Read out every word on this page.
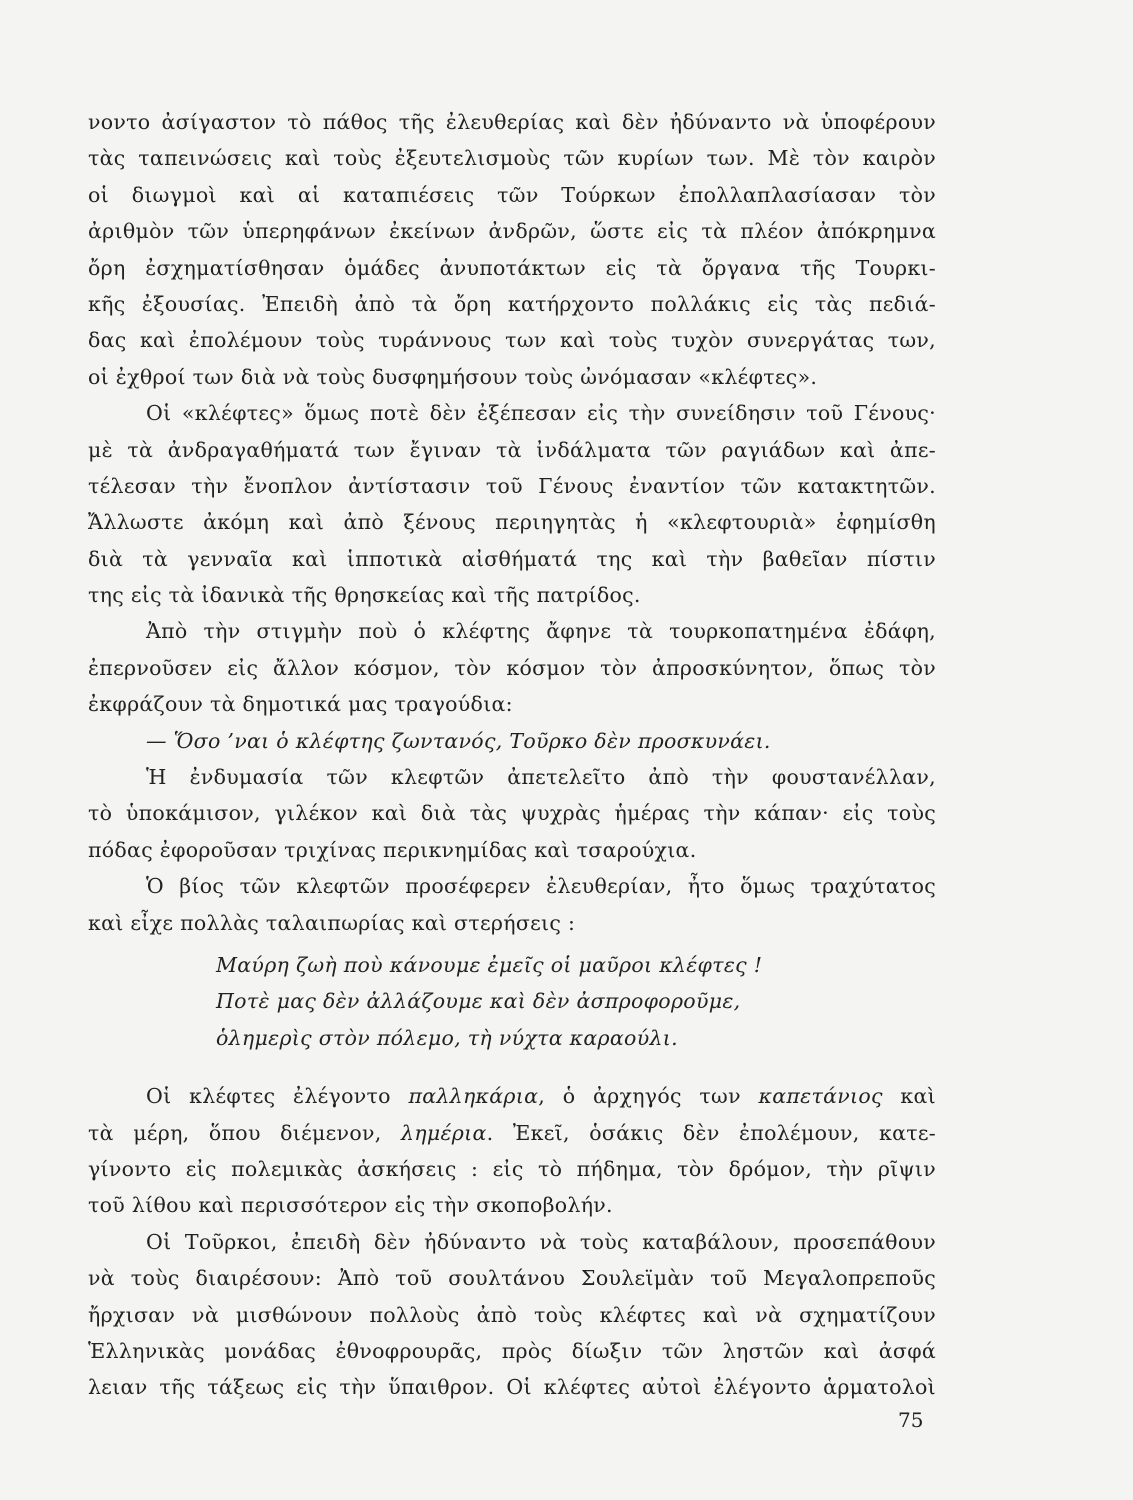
νοντο ἀσίγαστον τὸ πάθος τῆς ἐλευθερίας καὶ δὲν ἠδύναντο νὰ ὑποφέρουν
τὰς ταπεινώσεις καὶ τοὺς ἐξευτελισμοὺς τῶν κυρίων των. Μὲ τὸν καιρὸν
οἱ διωγμοὶ καὶ αἱ καταπιέσεις τῶν Τούρκων ἐπολλαπλασίασαν τὸν
ἀριθμὸν τῶν ὑπερηφάνων ἐκείνων ἀνδρῶν, ὥστε εἰς τὰ πλέον ἀπόκρημνα
ὄρη ἐσχηματίσθησαν ὁμάδες ἀνυποτάκτων εἰς τὰ ὄργανα τῆς Τουρκι-
κῆς ἐξουσίας. Ἐπειδὴ ἀπὸ τὰ ὄρη κατήρχοντο πολλάκις εἰς τὰς πεδιά-
δας καὶ ἐπολέμουν τοὺς τυράννους των καὶ τοὺς τυχὸν συνεργάτας των,
οἱ ἐχθροί των διὰ νὰ τοὺς δυσφημήσουν τοὺς ὠνόμασαν «κλέφτες».
Οἱ «κλέφτες» ὅμως ποτὲ δὲν ἐξέπεσαν εἰς τὴν συνείδησιν τοῦ Γένους·
μὲ τὰ ἀνδραγαθήματά των ἔγιναν τὰ ἰνδάλματα τῶν ραγιάδων καὶ ἀπε-
τέλεσαν τὴν ἔνοπλον ἀντίστασιν τοῦ Γένους ἐναντίον τῶν κατακτητῶν.
Ἄλλωστε ἀκόμη καὶ ἀπὸ ξένους περιηγητὰς ἡ «κλεφτουριὰ» ἐφημίσθη
διὰ τὰ γενναῖα καὶ ἱπποτικὰ αἰσθήματά της καὶ τὴν βαθεῖαν πίστιν
της εἰς τὰ ἰδανικὰ τῆς θρησκείας καὶ τῆς πατρίδος.
Ἀπὸ τὴν στιγμὴν ποὺ ὁ κλέφτης ἄφηνε τὰ τουρκοπατημένα ἐδάφη,
ἐπερνοῦσεν εἰς ἄλλον κόσμον, τὸν κόσμον τὸν ἀπροσκύνητον, ὅπως τὸν
ἐκφράζουν τὰ δημοτικά μας τραγούδια:
— Ὅσο ’ναι ὁ κλέφτης ζωντανός, Τοῦρκο δὲν προσκυνάει.
Ἡ ἐνδυμασία τῶν κλεφτῶν ἀπετελεῖτο ἀπὸ τὴν φουστανέλλαν,
τὸ ὑποκάμισον, γιλέκον καὶ διὰ τὰς ψυχρὰς ἡμέρας τὴν κάπαν· εἰς τοὺς
πόδας ἐφοροῦσαν τριχίνας περικνημίδας καὶ τσαρούχια.
Ὁ βίος τῶν κλεφτῶν προσέφερεν ἐλευθερίαν, ἦτο ὅμως τραχύτατος
καὶ εἶχε πολλὰς ταλαιπωρίας καὶ στερήσεις :
Μαύρη ζωὴ ποὺ κάνουμε ἐμεῖς οἱ μαῦροι κλέφτες !
Ποτὲ μας δὲν ἀλλάζουμε καὶ δὲν ἀσπροφοροῦμε,
ὁλημερὶς στὸν πόλεμο, τὴ νύχτα καραούλι.
Οἱ κλέφτες ἐλέγοντο παλληκάρια, ὁ ἀρχηγός των καπετάνιος καὶ
τὰ μέρη, ὅπου διέμενον, λημέρια. Ἐκεῖ, ὁσάκις δὲν ἐπολέμουν, κατε-
γίνοντο εἰς πολεμικὰς ἀσκήσεις : εἰς τὸ πήδημα, τὸν δρόμον, τὴν ρῖψιν
τοῦ λίθου καὶ περισσότερον εἰς τὴν σκοποβολήν.
Οἱ Τοῦρκοι, ἐπειδὴ δὲν ἠδύναντο νὰ τοὺς καταβάλουν, προσεπάθουν
νὰ τοὺς διαιρέσουν: Ἀπὸ τοῦ σουλτάνου Σουλεϊμὰν τοῦ Μεγαλοπρεποῦς
ἤρχισαν νὰ μισθώνουν πολλοὺς ἀπὸ τοὺς κλέφτες καὶ νὰ σχηματίζουν
Ἑλληνικὰς μονάδας ἐθνοφρουρᾶς, πρὸς δίωξιν τῶν ληστῶν καὶ ἀσφά
λειαν τῆς τάξεως εἰς τὴν ὕπαιθρον. Οἱ κλέφτες αὐτοὶ ἐλέγοντο ἁρματολοὶ
75
